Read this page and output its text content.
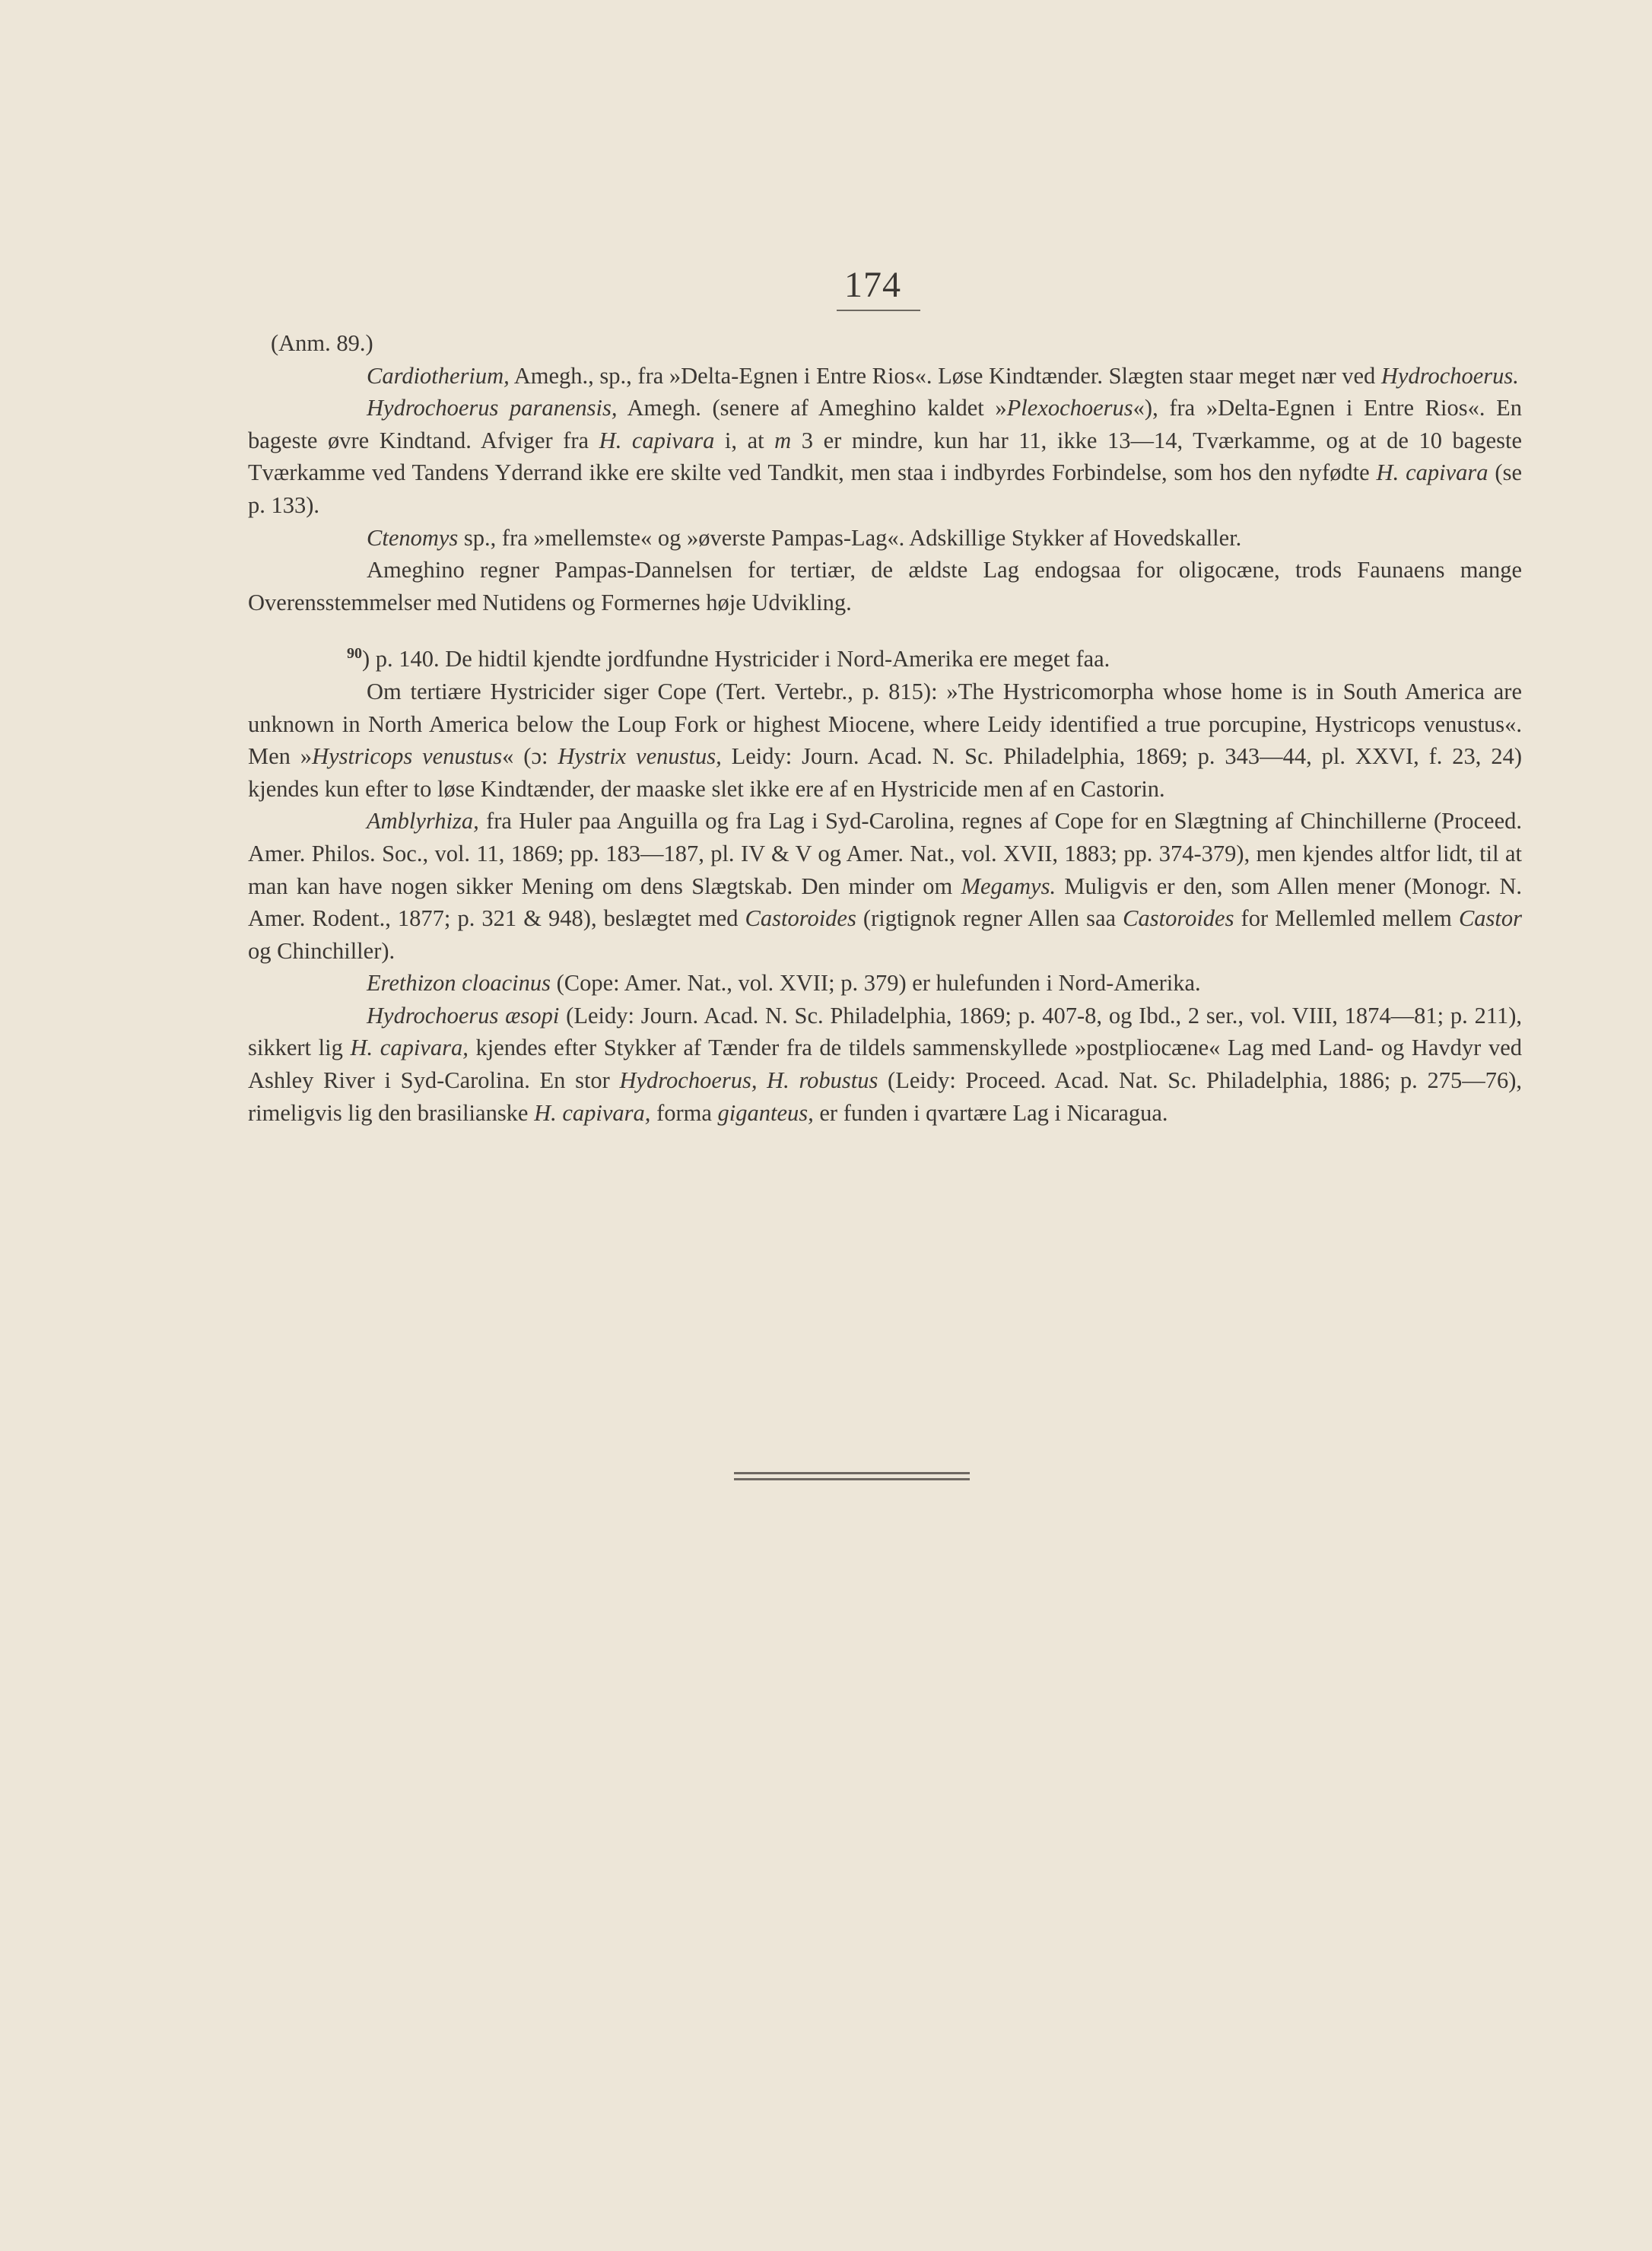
174

(Anm. 89.)

Cardiotherium, Amegh., sp., fra »Delta-Egnen i Entre Rios«. Løse Kindtænder. Slægten staar meget nær ved Hydrochoerus.

Hydrochoerus paranensis, Amegh. (senere af Ameghino kaldet »Plexochoerus«), fra »Delta-Egnen i Entre Rios«. En bageste øvre Kindtand. Afviger fra H. capivara i, at m 3 er mindre, kun har 11, ikke 13—14, Tværkamme, og at de 10 bageste Tværkamme ved Tandens Yderrand ikke ere skilte ved Tandkit, men staa i indbyrdes Forbindelse, som hos den nyfødte H. capivara (se p. 133).

Ctenomys sp., fra »mellemste« og »øverste Pampas-Lag«. Adskillige Stykker af Hovedskaller.

Ameghino regner Pampas-Dannelsen for tertiær, de ældste Lag endogsaa for oligocæne, trods Faunaens mange Overensstemmelser med Nutidens og Formernes høje Udvikling.

$^{90}$) p. 140. De hidtil kjendte jordfundne Hystricider i Nord-Amerika ere meget faa.

Om tertiære Hystricider siger Cope (Tert. Vertebr., p. 815): »The Hystricomorpha whose home is in South America are unknown in North America below the Loup Fork or highest Miocene, where Leidy identified a true porcupine, Hystricops venustus«. Men »Hystricops venustus« (ɔ: Hystrix venustus, Leidy: Journ. Acad. N. Sc. Philadelphia, 1869; p. 343—44, pl. XXVI, f. 23, 24) kjendes kun efter to løse Kindtænder, der maaske slet ikke ere af en Hystricide men af en Castorin.

Amblyrhiza, fra Huler paa Anguilla og fra Lag i Syd-Carolina, regnes af Cope for en Slægtning af Chinchillerne (Proceed. Amer. Philos. Soc., vol. 11, 1869; pp. 183—187, pl. IV & V og Amer. Nat., vol. XVII, 1883; pp. 374-379), men kjendes altfor lidt, til at man kan have nogen sikker Mening om dens Slægtskab. Den minder om Megamys. Muligvis er den, som Allen mener (Monogr. N. Amer. Rodent., 1877; p. 321 & 948), beslægtet med Castoroides (rigtignok regner Allen saa Castoroides for Mellemled mellem Castor og Chinchiller).

Erethizon cloacinus (Cope: Amer. Nat., vol. XVII; p. 379) er hulefunden i Nord-Amerika.

Hydrochoerus æsopi (Leidy: Journ. Acad. N. Sc. Philadelphia, 1869; p. 407-8, og Ibd., 2 ser., vol. VIII, 1874—81; p. 211), sikkert lig H. capivara, kjendes efter Stykker af Tænder fra de tildels sammenskyllede »postpliocæne« Lag med Land- og Havdyr ved Ashley River i Syd-Carolina. En stor Hydrochoerus, H. robustus (Leidy: Proceed. Acad. Nat. Sc. Philadelphia, 1886; p. 275—76), rimeligvis lig den brasilianske H. capivara, forma giganteus, er funden i qvartære Lag i Nicaragua.
